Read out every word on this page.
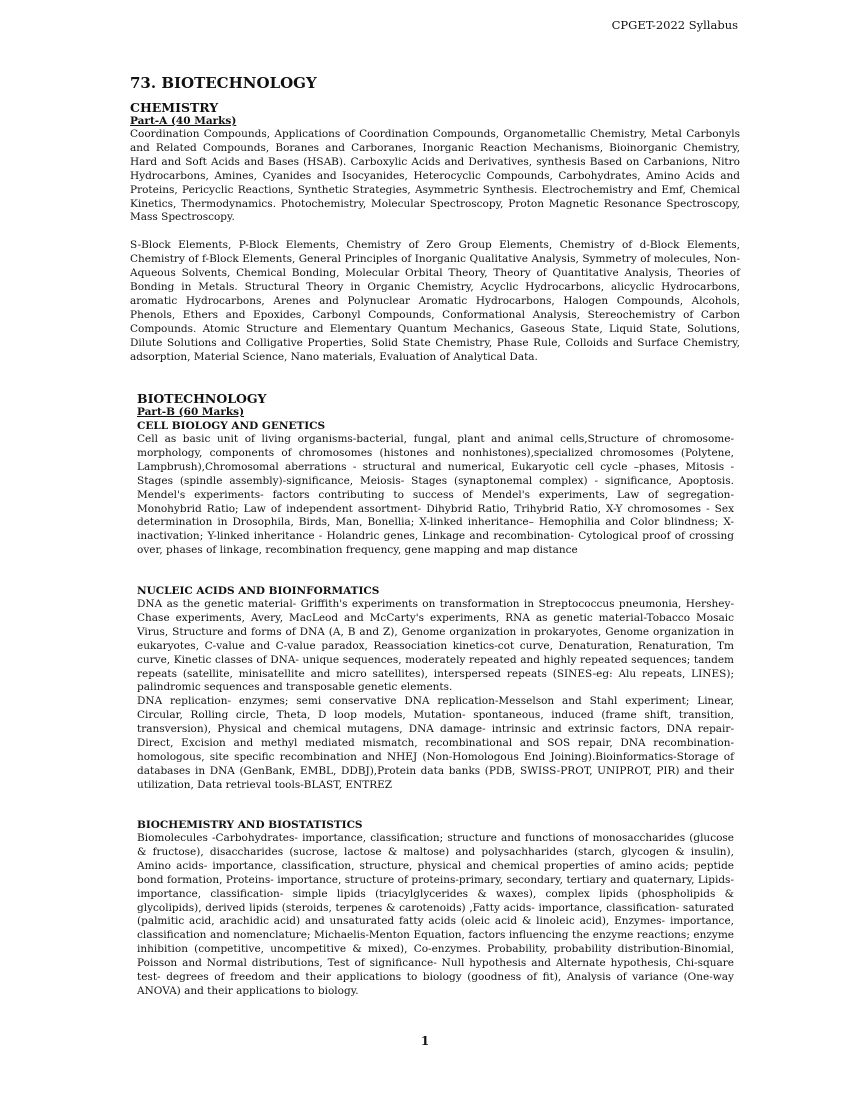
CPGET-2022 Syllabus
73. BIOTECHNOLOGY
CHEMISTRY
Part-A (40 Marks)

Coordination Compounds, Applications of Coordination Compounds, Organometallic Chemistry, Metal Carbonyls and Related Compounds, Boranes and Carboranes, Inorganic Reaction Mechanisms, Bioinorganic Chemistry, Hard and Soft Acids and Bases (HSAB). Carboxylic Acids and Derivatives, synthesis Based on Carbanions, Nitro Hydrocarbons, Amines, Cyanides and Isocyanides, Heterocyclic Compounds, Carbohydrates, Amino Acids and Proteins, Pericyclic Reactions, Synthetic Strategies, Asymmetric Synthesis. Electrochemistry and Emf, Chemical Kinetics, Thermodynamics. Photochemistry, Molecular Spectroscopy, Proton Magnetic Resonance Spectroscopy, Mass Spectroscopy.

S-Block Elements, P-Block Elements, Chemistry of Zero Group Elements, Chemistry of d-Block Elements, Chemistry of f-Block Elements, General Principles of Inorganic Qualitative Analysis, Symmetry of molecules, Non-Aqueous Solvents, Chemical Bonding, Molecular Orbital Theory, Theory of Quantitative Analysis, Theories of Bonding in Metals. Structural Theory in Organic Chemistry, Acyclic Hydrocarbons, alicyclic Hydrocarbons, aromatic Hydrocarbons, Arenes and Polynuclear Aromatic Hydrocarbons, Halogen Compounds, Alcohols, Phenols, Ethers and Epoxides, Carbonyl Compounds, Conformational Analysis, Stereochemistry of Carbon Compounds. Atomic Structure and Elementary Quantum Mechanics, Gaseous State, Liquid State, Solutions, Dilute Solutions and Colligative Properties, Solid State Chemistry, Phase Rule, Colloids and Surface Chemistry, adsorption, Material Science, Nano materials, Evaluation of Analytical Data.

BIOTECHNOLOGY
Part-B (60 Marks)
CELL BIOLOGY AND GENETICS

Cell as basic unit of living organisms-bacterial, fungal, plant and animal cells,Structure of chromosome- morphology, components of chromosomes (histones and nonhistones),specialized chromosomes (Polytene, Lampbrush),Chromosomal aberrations - structural and numerical, Eukaryotic cell cycle –phases, Mitosis - Stages (spindle assembly)-significance, Meiosis- Stages (synaptonemal complex) - significance, Apoptosis. Mendel's experiments- factors contributing to success of Mendel's experiments, Law of segregation- Monohybrid Ratio; Law of independent assortment- Dihybrid Ratio, Trihybrid Ratio, X-Y chromosomes - Sex determination in Drosophila, Birds, Man, Bonellia; X-linked inheritance– Hemophilia and Color blindness; X-inactivation; Y-linked inheritance - Holandric genes, Linkage and recombination- Cytological proof of crossing over, phases of linkage, recombination frequency, gene mapping and map distance

NUCLEIC ACIDS AND BIOINFORMATICS

DNA as the genetic material- Griffith's experiments on transformation in Streptococcus pneumonia, Hershey-Chase experiments, Avery, MacLeod and McCarty's experiments, RNA as genetic material-Tobacco Mosaic Virus, Structure and forms of DNA (A, B and Z), Genome organization in prokaryotes, Genome organization in eukaryotes, C-value and C-value paradox, Reassociation kinetics-cot curve, Denaturation, Renaturation, Tm curve, Kinetic classes of DNA- unique sequences, moderately repeated and highly repeated sequences; tandem repeats (satellite, minisatellite and micro satellites), interspersed repeats (SINES-eg: Alu repeats, LINES); palindromic sequences and transposable genetic elements.

DNA replication- enzymes; semi conservative DNA replication-Messelson and Stahl experiment; Linear, Circular, Rolling circle, Theta, D loop models, Mutation- spontaneous, induced (frame shift, transition, transversion), Physical and chemical mutagens, DNA damage- intrinsic and extrinsic factors, DNA repair- Direct, Excision and methyl mediated mismatch, recombinational and SOS repair, DNA recombination- homologous, site specific recombination and NHEJ (Non-Homologous End Joining).Bioinformatics-Storage of databases in DNA (GenBank, EMBL, DDBJ),Protein data banks (PDB, SWISS-PROT, UNIPROT, PIR) and their utilization, Data retrieval tools-BLAST, ENTREZ

BIOCHEMISTRY AND BIOSTATISTICS

Biomolecules -Carbohydrates- importance, classification; structure and functions of monosaccharides (glucose & fructose), disaccharides (sucrose, lactose & maltose) and polysachharides (starch, glycogen & insulin), Amino acids- importance, classification, structure, physical and chemical properties of amino acids; peptide bond formation, Proteins- importance, structure of proteins-primary, secondary, tertiary and quaternary, Lipids- importance, classification- simple lipids (triacylglycerides & waxes), complex lipids (phospholipids & glycolipids), derived lipids (steroids, terpenes & carotenoids) ,Fatty acids- importance, classification- saturated (palmitic acid, arachidic acid) and unsaturated fatty acids (oleic acid & linoleic acid), Enzymes- importance, classification and nomenclature; Michaelis-Menton Equation, factors influencing the enzyme reactions; enzyme inhibition (competitive, uncompetitive & mixed), Co-enzymes. Probability, probability distribution-Binomial, Poisson and Normal distributions, Test of significance- Null hypothesis and Alternate hypothesis, Chi-square test- degrees of freedom and their applications to biology (goodness of fit), Analysis of variance (One-way ANOVA) and their applications to biology.

1
